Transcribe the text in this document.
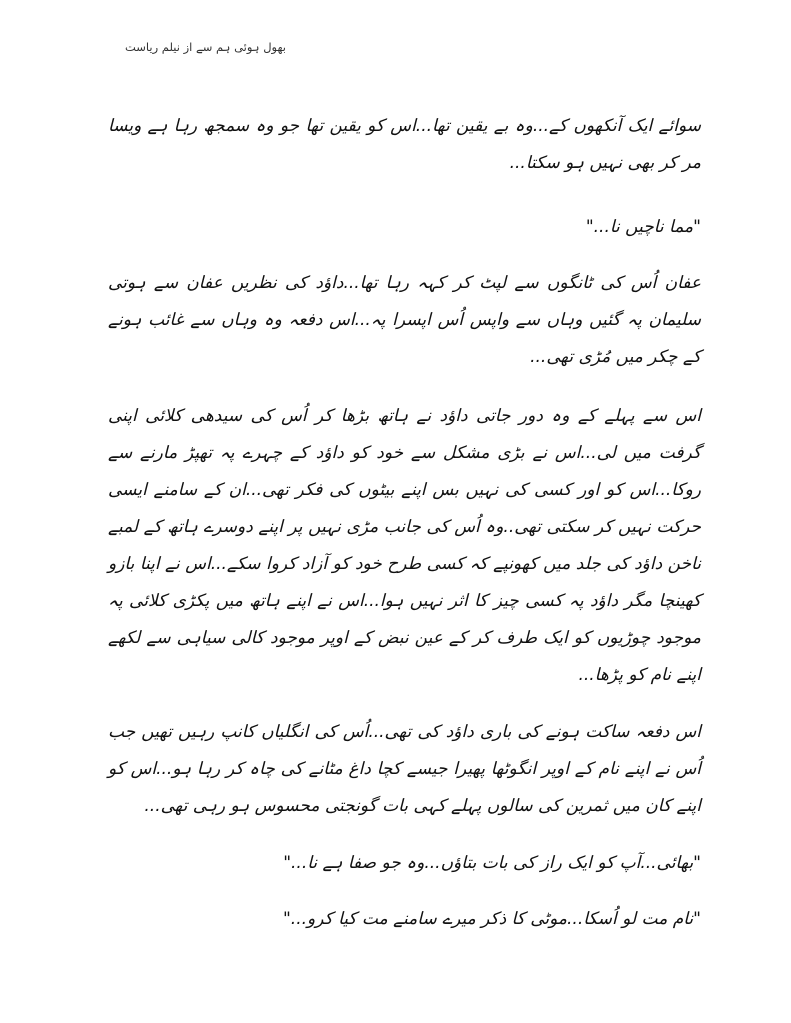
بھول ہوئی ہم سے از نیلم ریاست

سوائے ایک آنکھوں کے...وہ بے یقین تھا...اس کو یقین تھا جو وہ سمجھ رہا ہے ویسا مر کر بھی نہیں ہو سکتا...

"مما ناچیں نا..."

عفان اُس کی ٹانگوں سے لپٹ کر کہہ رہا تھا...داؤد کی نظریں عفان سے ہوتی سلیمان پہ گئیں وہاں سے واپس اُس اپسرا پہ...اس دفعہ وہ وہاں سے غائب ہونے کے چکر میں مُڑی تھی...

اس سے پہلے کے وہ دور جاتی داؤد نے ہاتھ بڑھا کر اُس کی سیدھی کلائی اپنی گرفت میں لی...اس نے بڑی مشکل سے خود کو داؤد کے چہرے پہ تھپڑ مارنے سے روکا...اس کو اور کسی کی نہیں بس اپنے بیٹوں کی فکر تھی...ان کے سامنے ایسی حرکت نہیں کر سکتی تھی..وہ اُس کی جانب مڑی نہیں پر اپنے دوسرے ہاتھ کے لمبے ناخن داؤد کی جلد میں کھونپے کہ کسی طرح خود کو آزاد کروا سکے...اس نے اپنا بازو کھینچا مگر داؤد پہ کسی چیز کا اثر نہیں ہوا...اس نے اپنے ہاتھ میں پکڑی کلائی پہ موجود چوڑیوں کو ایک طرف کر کے عین نبض کے اوپر موجود کالی سیاہی سے لکھے اپنے نام کو پڑھا...

اس دفعہ ساکت ہونے کی باری داؤد کی تھی...اُس کی انگلیاں کانپ رہیں تھیں جب اُس نے اپنے نام کے اوپر انگوٹھا پھیرا جیسے کچا داغ مٹانے کی چاہ کر رہا ہو...اس کو اپنے کان میں ثمرین کی سالوں پہلے کہی بات گونجتی محسوس ہو رہی تھی...

"بھائی...آپ کو ایک راز کی بات بتاؤں...وہ جو صفا ہے نا..."

"نام مت لو اُسکا...موٹی کا ذکر میرے سامنے مت کیا کرو..."
